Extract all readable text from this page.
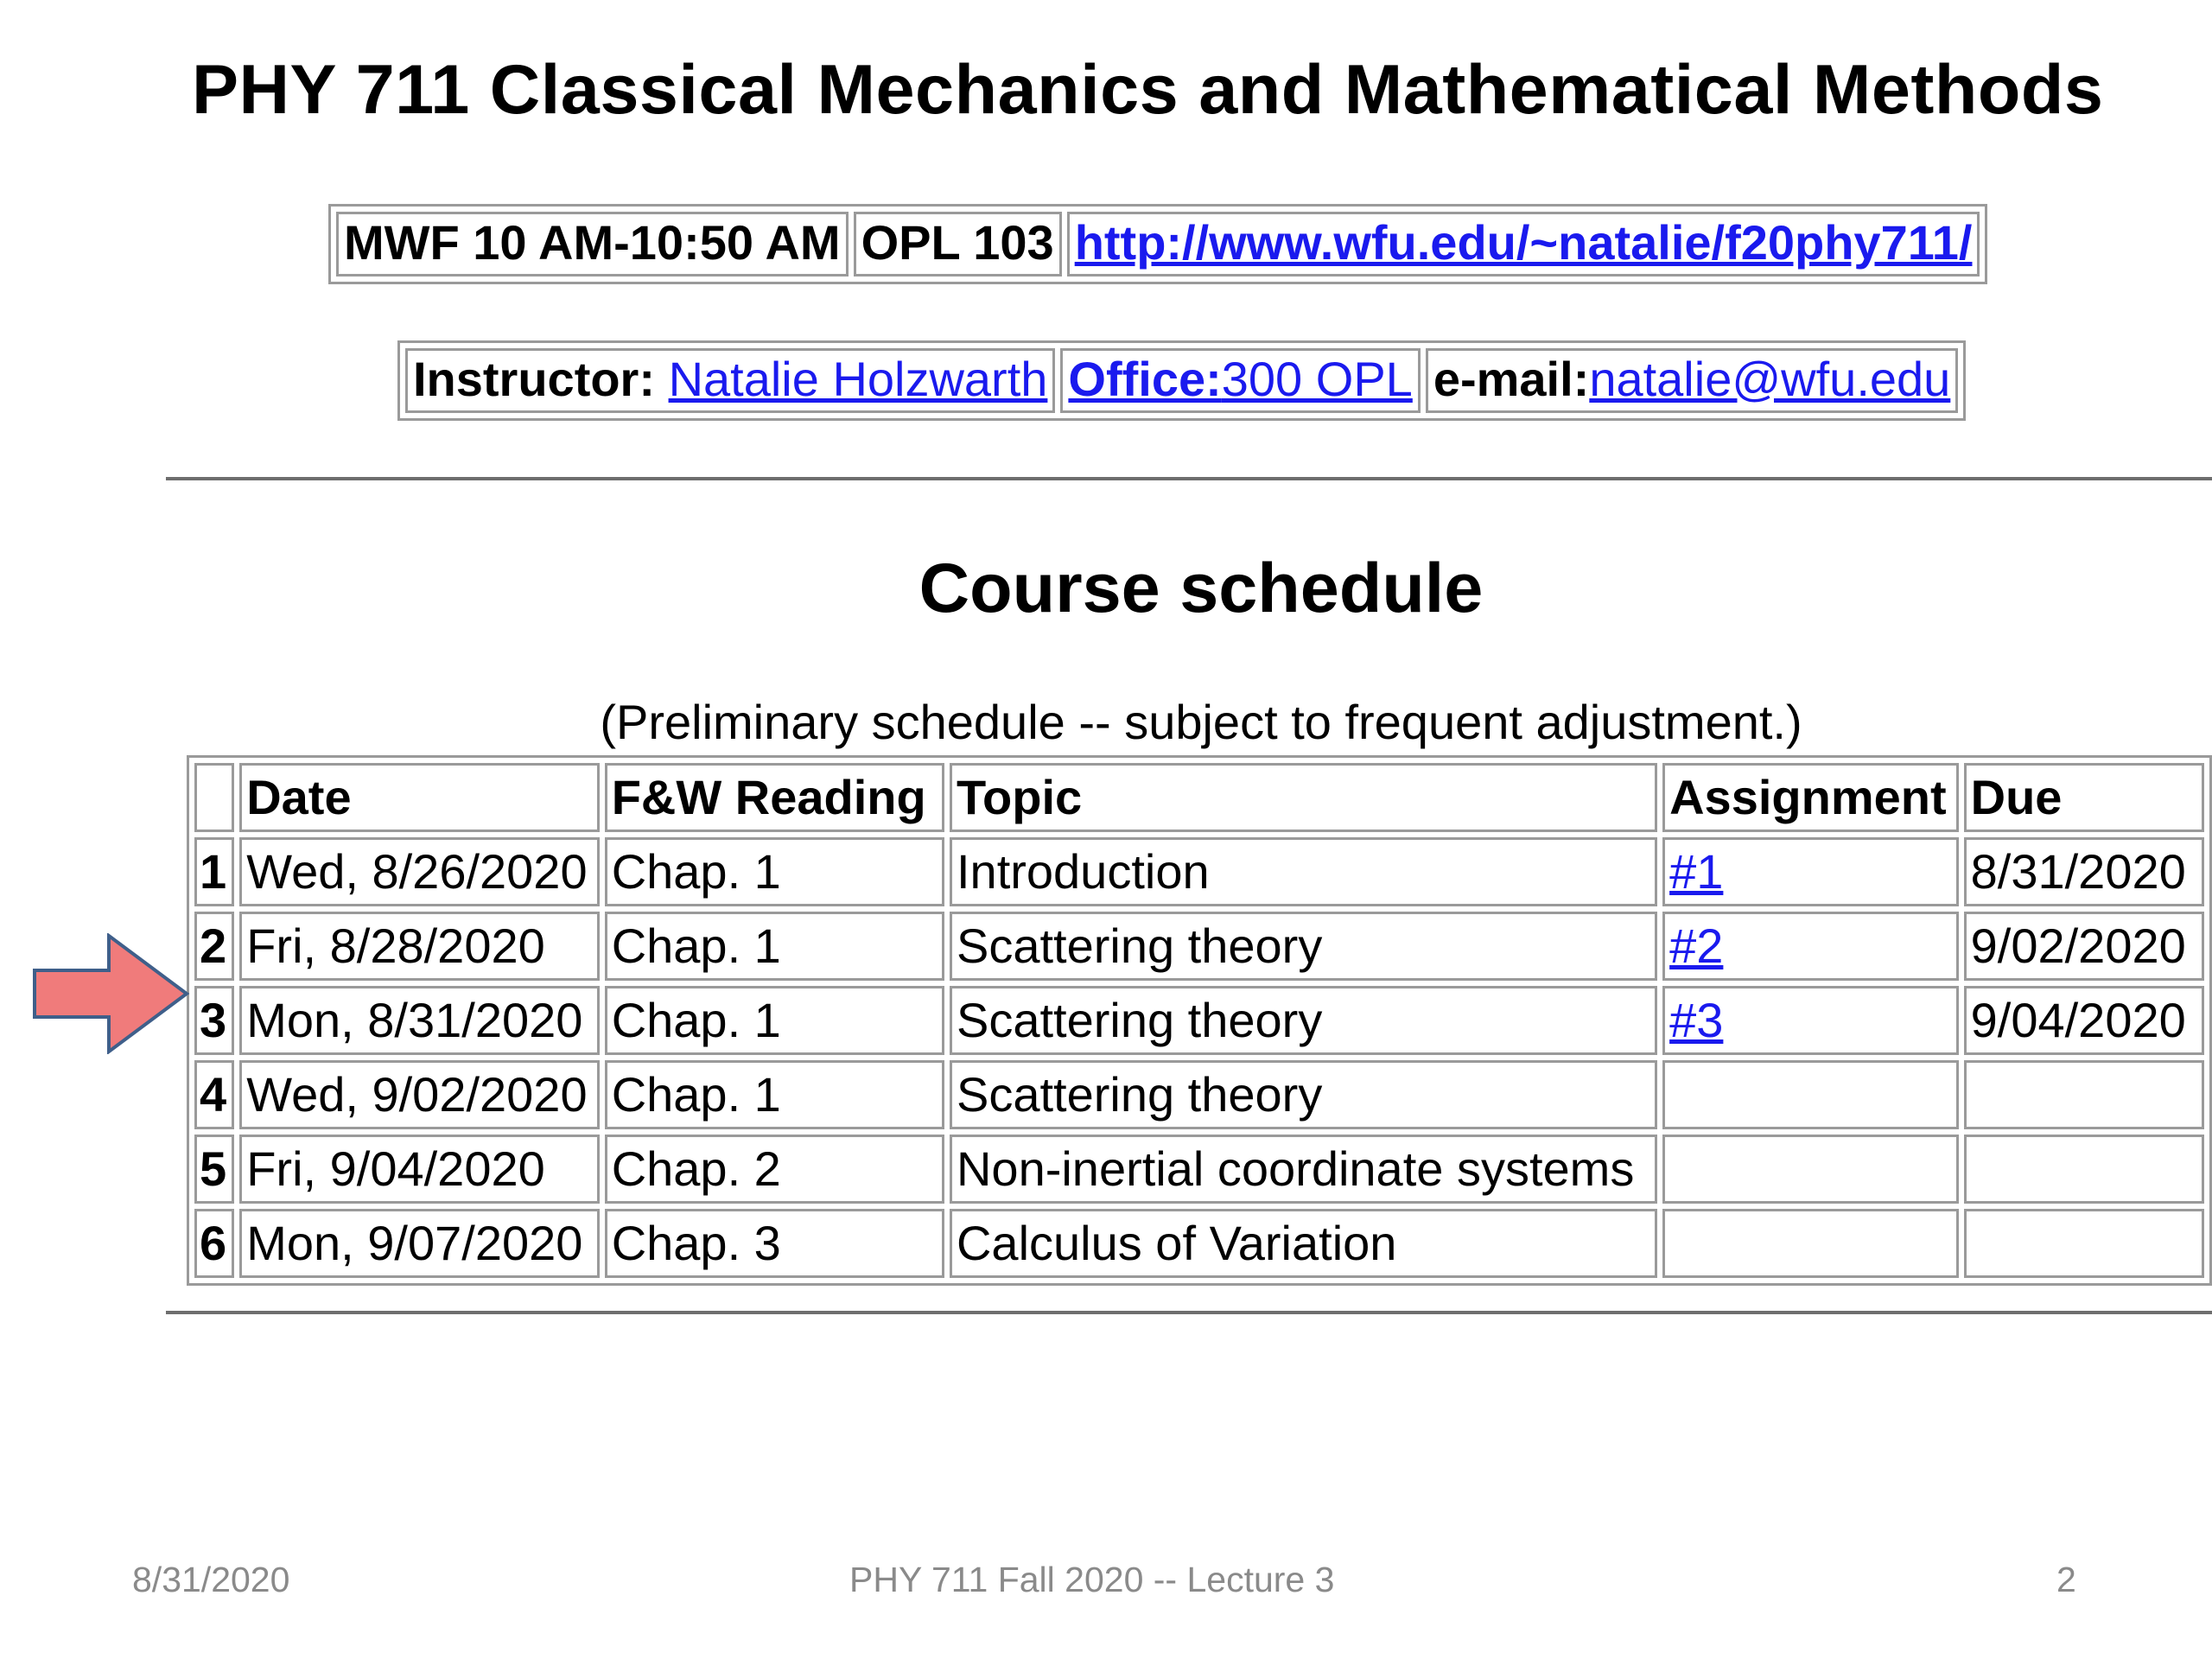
PHY 711 Classical Mechanics and Mathematical Methods
MWF 10 AM-10:50 AM	OPL 103	http://www.wfu.edu/~natalie/f20phy711/
Instructor: Natalie Holzwarth	Office:300 OPL	e-mail:natalie@wfu.edu
Course schedule
(Preliminary schedule -- subject to frequent adjustment.)
	Date	F&W Reading	Topic	Assignment	Due
1	Wed, 8/26/2020	Chap. 1	Introduction	#1	8/31/2020
2	Fri, 8/28/2020	Chap. 1	Scattering theory	#2	9/02/2020
3	Mon, 8/31/2020	Chap. 1	Scattering theory	#3	9/04/2020
4	Wed, 9/02/2020	Chap. 1	Scattering theory		
5	Fri, 9/04/2020	Chap. 2	Non-inertial coordinate systems		
6	Mon, 9/07/2020	Chap. 3	Calculus of Variation		
8/31/2020	PHY 711 Fall 2020 -- Lecture 3	2
